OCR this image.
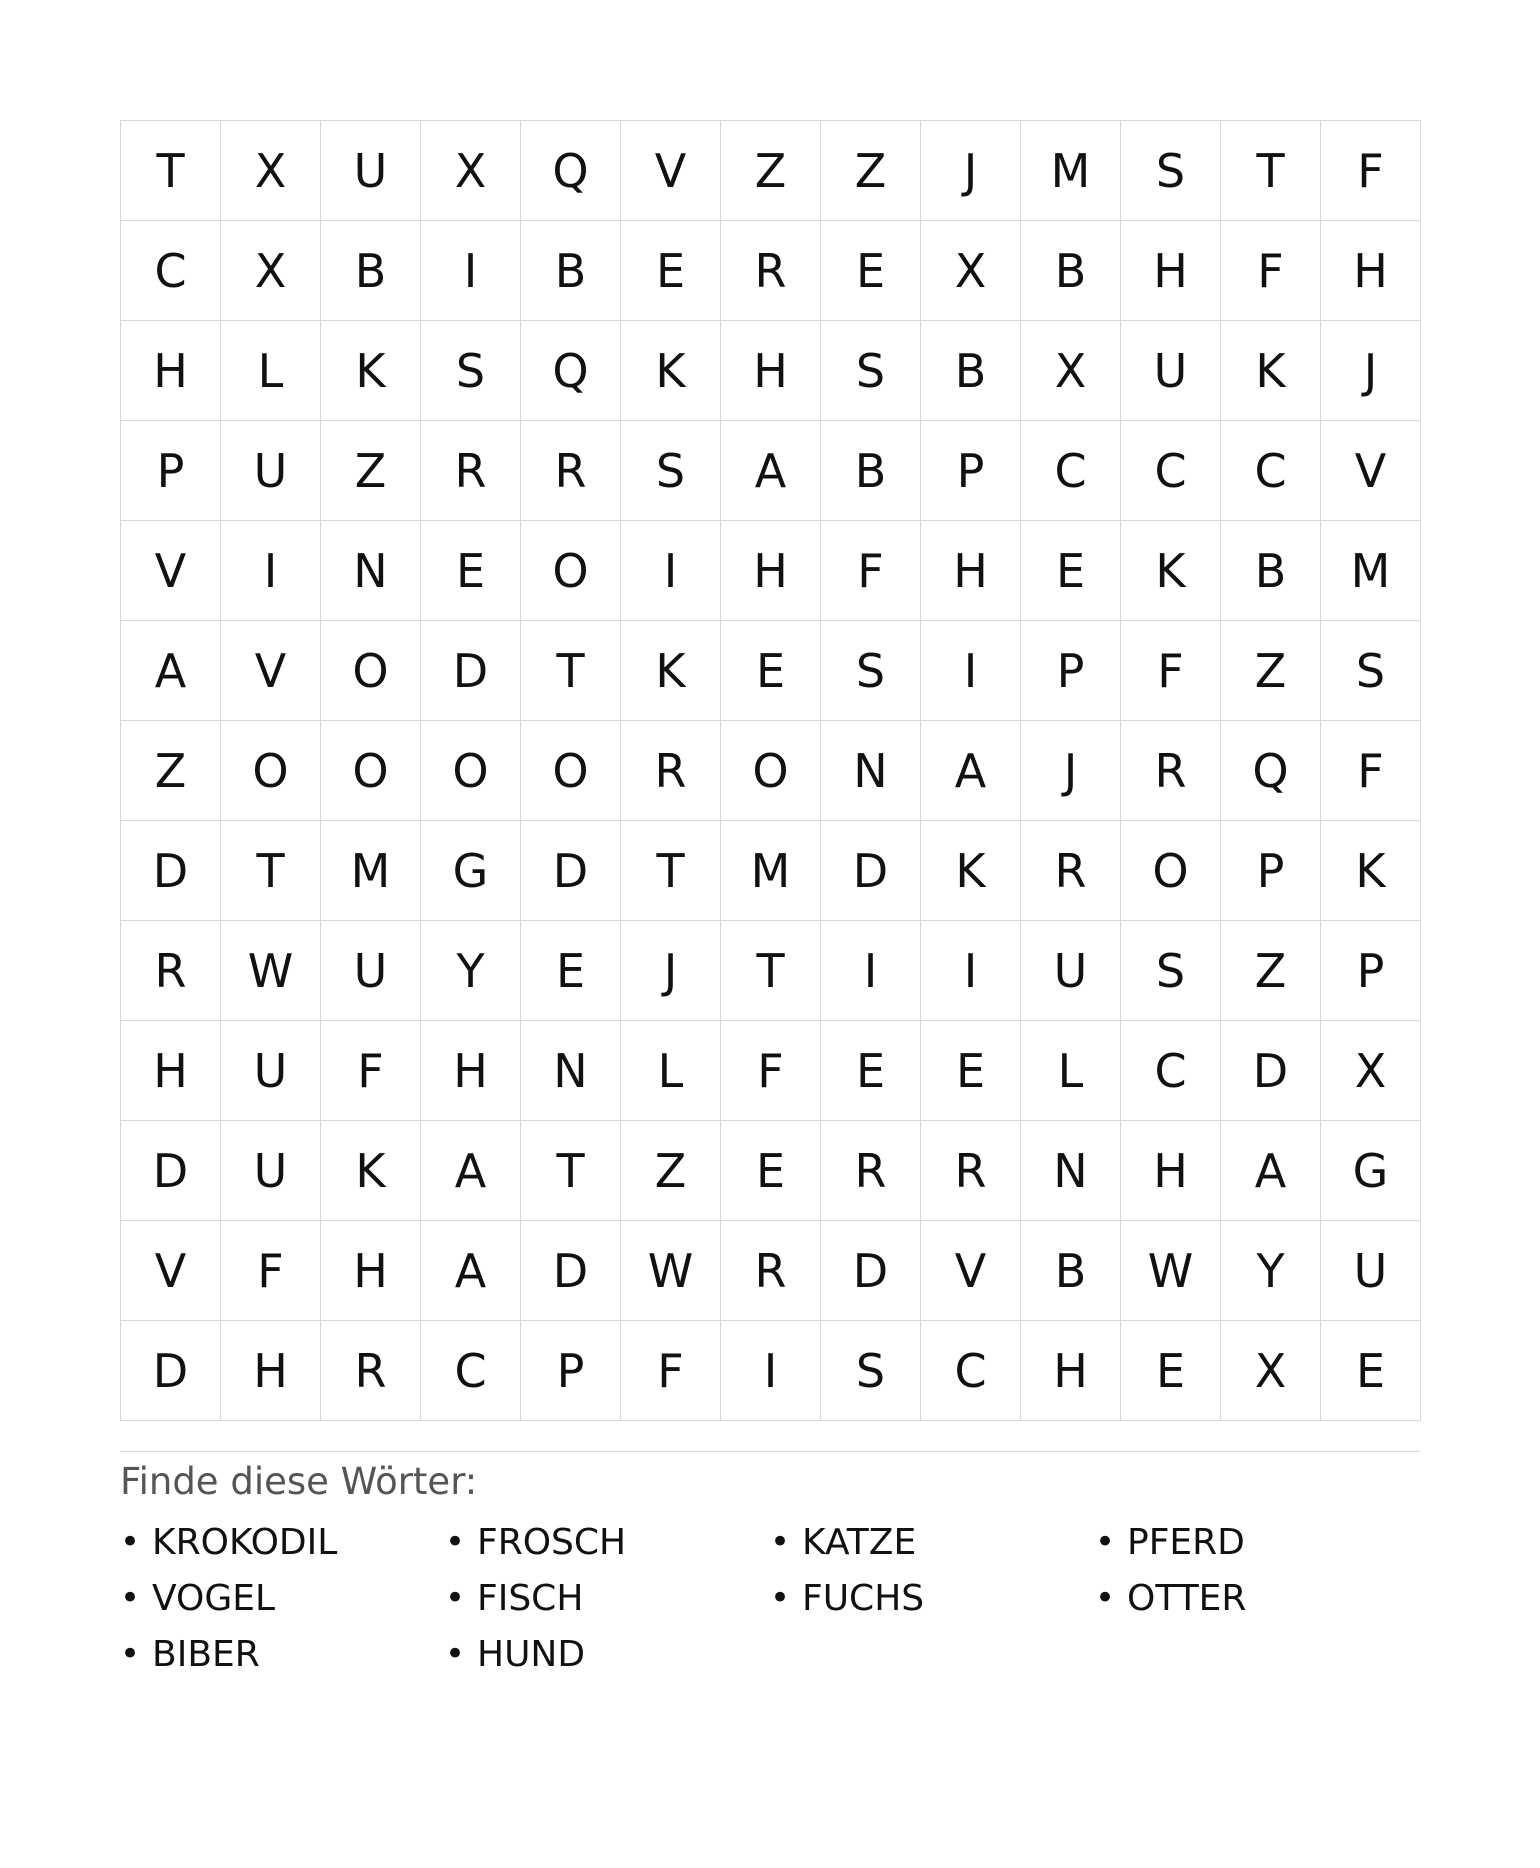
T	X	U	X	Q	V	Z	Z	J	M	S	T	F
C	X	B	I	B	E	R	E	X	B	H	F	H
H	L	K	S	Q	K	H	S	B	X	U	K	J
P	U	Z	R	R	S	A	B	P	C	C	C	V
V	I	N	E	O	I	H	F	H	E	K	B	M
A	V	O	D	T	K	E	S	I	P	F	Z	S
Z	O	O	O	O	R	O	N	A	J	R	Q	F
D	T	M	G	D	T	M	D	K	R	O	P	K
R	W	U	Y	E	J	T	I	I	U	S	Z	P
H	U	F	H	N	L	F	E	E	L	C	D	X
D	U	K	A	T	Z	E	R	R	N	H	A	G
V	F	H	A	D	W	R	D	V	B	W	Y	U
D	H	R	C	P	F	I	S	C	H	E	X	E
Finde diese Wörter:
• KROKODIL	• FROSCH	• KATZE	• PFERD
• VOGEL	• FISCH	• FUCHS	• OTTER
• BIBER	• HUND
